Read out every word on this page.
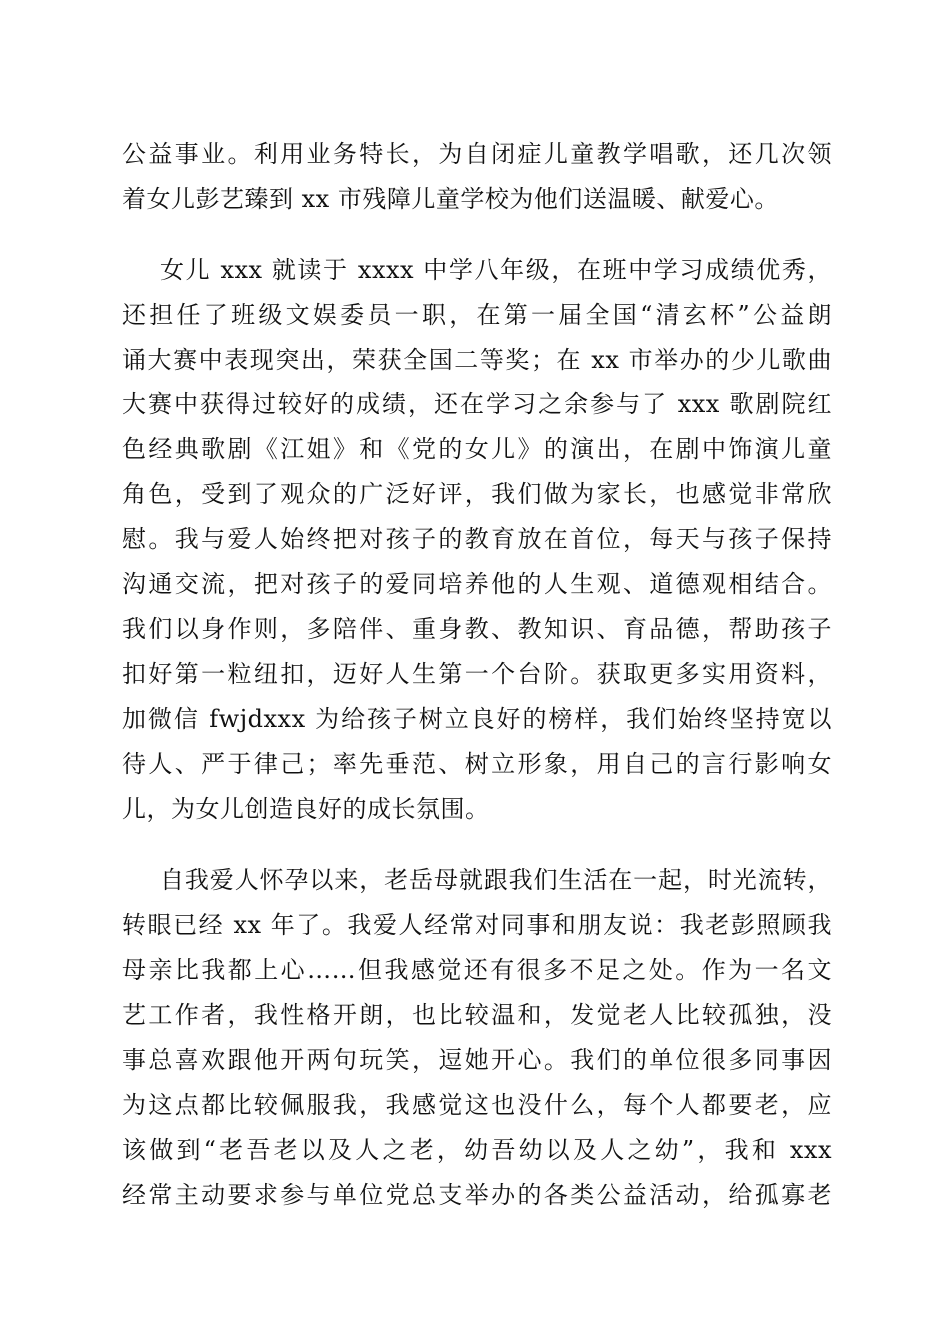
公益事业。利用业务特长，为自闭症儿童教学唱歌，还几次领
着女儿彭艺臻到 xx 市残障儿童学校为他们送温暖、献爱心。
女儿 xxx 就读于 xxxx 中学八年级，在班中学习成绩优秀，
还担任了班级文娱委员一职，在第一届全国“清玄杯”公益朗
诵大赛中表现突出，荣获全国二等奖；在 xx 市举办的少儿歌曲
大赛中获得过较好的成绩，还在学习之余参与了 xxx 歌剧院红
色经典歌剧《江姐》和《党的女儿》的演出，在剧中饰演儿童
角色，受到了观众的广泛好评，我们做为家长，也感觉非常欣
慰。我与爱人始终把对孩子的教育放在首位，每天与孩子保持
沟通交流，把对孩子的爱同培养他的人生观、道德观相结合。
我们以身作则，多陪伴、重身教、教知识、育品德，帮助孩子
扣好第一粒纽扣，迈好人生第一个台阶。获取更多实用资料，
加微信 fwjdxxx 为给孩子树立良好的榜样，我们始终坚持宽以
待人、严于律己；率先垂范、树立形象，用自己的言行影响女
儿，为女儿创造良好的成长氛围。
自我爱人怀孕以来，老岳母就跟我们生活在一起，时光流转，
转眼已经 xx 年了。我爱人经常对同事和朋友说：我老彭照顾我
母亲比我都上心……但我感觉还有很多不足之处。作为一名文
艺工作者，我性格开朗，也比较温和，发觉老人比较孤独，没
事总喜欢跟他开两句玩笑，逗她开心。我们的单位很多同事因
为这点都比较佩服我，我感觉这也没什么，每个人都要老，应
该做到“老吾老以及人之老，幼吾幼以及人之幼”，我和 xxx
经常主动要求参与单位党总支举办的各类公益活动，给孤寡老
